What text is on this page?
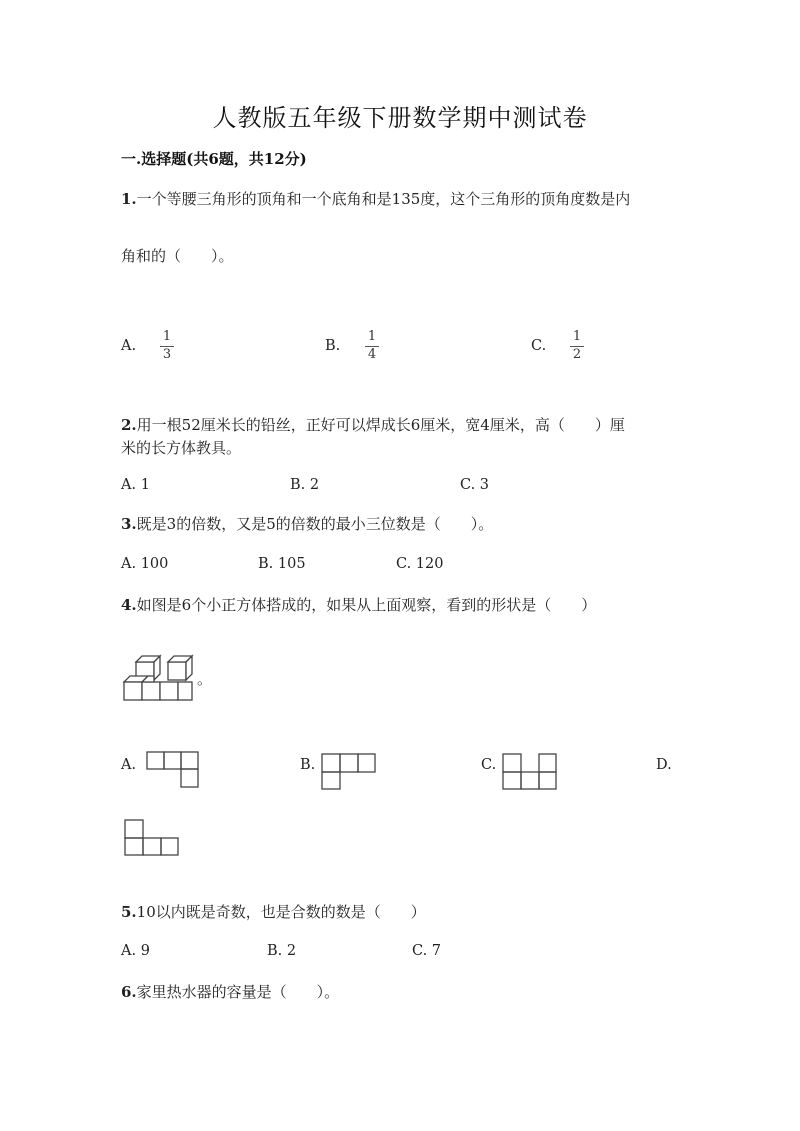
人教版五年级下册数学期中测试卷
一.选择题(共6题，共12分)
1.一个等腰三角形的顶角和一个底角和是135度，这个三角形的顶角度数是内
角和的（　　）。
A.
1
3
B.
1
4
C.
1
2
2.用一根52厘米长的铅丝，正好可以焊成长6厘米，宽4厘米，高（　　）厘
米的长方体教具。
A. 1	B. 2	C. 3
3.既是3的倍数，又是5的倍数的最小三位数是（　　）。
A. 100	B. 105	C. 120
4.如图是6个小正方体搭成的，如果从上面观察，看到的形状是（　　）
。
A.	B.	C.	D.
5.10以内既是奇数，也是合数的数是（　　）
A. 9	B. 2	C. 7
6.家里热水器的容量是（　　）。
